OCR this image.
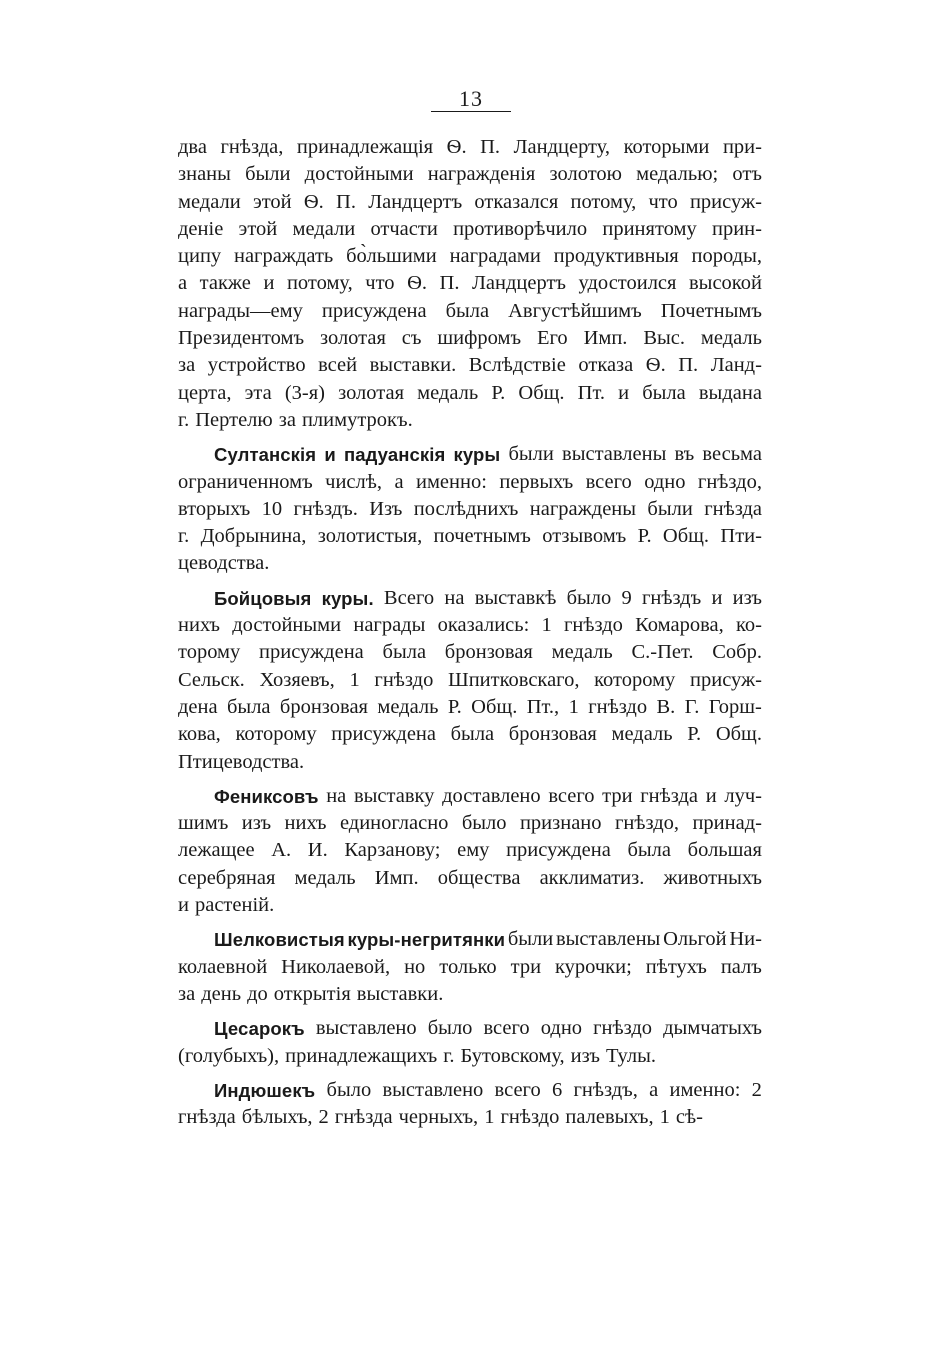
13
два гнѣзда, принадлежащія Ѳ. П. Ландцерту, которыми при-
знаны были достойными награжденія золотою медалью; отъ
медали этой Ѳ. П. Ландцертъ отказался потому, что присуж-
деніе этой медали отчасти противорѣчило принятому прин-
ципу награждать бо̀льшими наградами продуктивныя породы,
а также и потому, что Ѳ. П. Ландцертъ удостоился высокой
награды—ему присуждена была Августѣйшимъ Почетнымъ
Президентомъ золотая съ шифромъ Его Имп. Выс. медаль
за устройство всей выставки. Вслѣдствіе отказа Ѳ. П. Ланд-
церта, эта (3-я) золотая медаль Р. Общ. Пт. и была выдана
г. Пертелю за плимутрокъ.
Султанскія и падуанскія куры были выставлены въ весьма
ограниченномъ числѣ, а именно: первыхъ всего одно гнѣздо,
вторыхъ 10 гнѣздъ. Изъ послѣднихъ награждены были гнѣзда
г. Добрынина, золотистыя, почетнымъ отзывомъ Р. Общ. Пти-
цеводства.
Бойцовыя куры. Всего на выставкѣ было 9 гнѣздъ и изъ
нихъ достойными награды оказались: 1 гнѣздо Комарова, ко-
торому присуждена была бронзовая медаль С.-Пет. Собр.
Сельск. Хозяевъ, 1 гнѣздо Шпитковскаго, которому присуж-
дена была бронзовая медаль Р. Общ. Пт., 1 гнѣздо В. Г. Горш-
кова, которому присуждена была бронзовая медаль Р. Общ.
Птицеводства.
Фениксовъ на выставку доставлено всего три гнѣзда и луч-
шимъ изъ нихъ единогласно было признано гнѣздо, принад-
лежащее А. И. Карзанову; ему присуждена была большая
серебряная медаль Имп. общества акклиматиз. животныхъ
и растеній.
Шелковистыя куры-негритянки были выставлены Ольгой Ни-
колаевной Николаевой, но только три курочки; пѣтухъ палъ
за день до открытія выставки.
Цесарокъ выставлено было всего одно гнѣздо дымчатыхъ
(голубыхъ), принадлежащихъ г. Бутовскому, изъ Тулы.
Индюшекъ было выставлено всего 6 гнѣздъ, а именно: 2
гнѣзда бѣлыхъ, 2 гнѣзда черныхъ, 1 гнѣздо палевыхъ, 1 сѣ-
